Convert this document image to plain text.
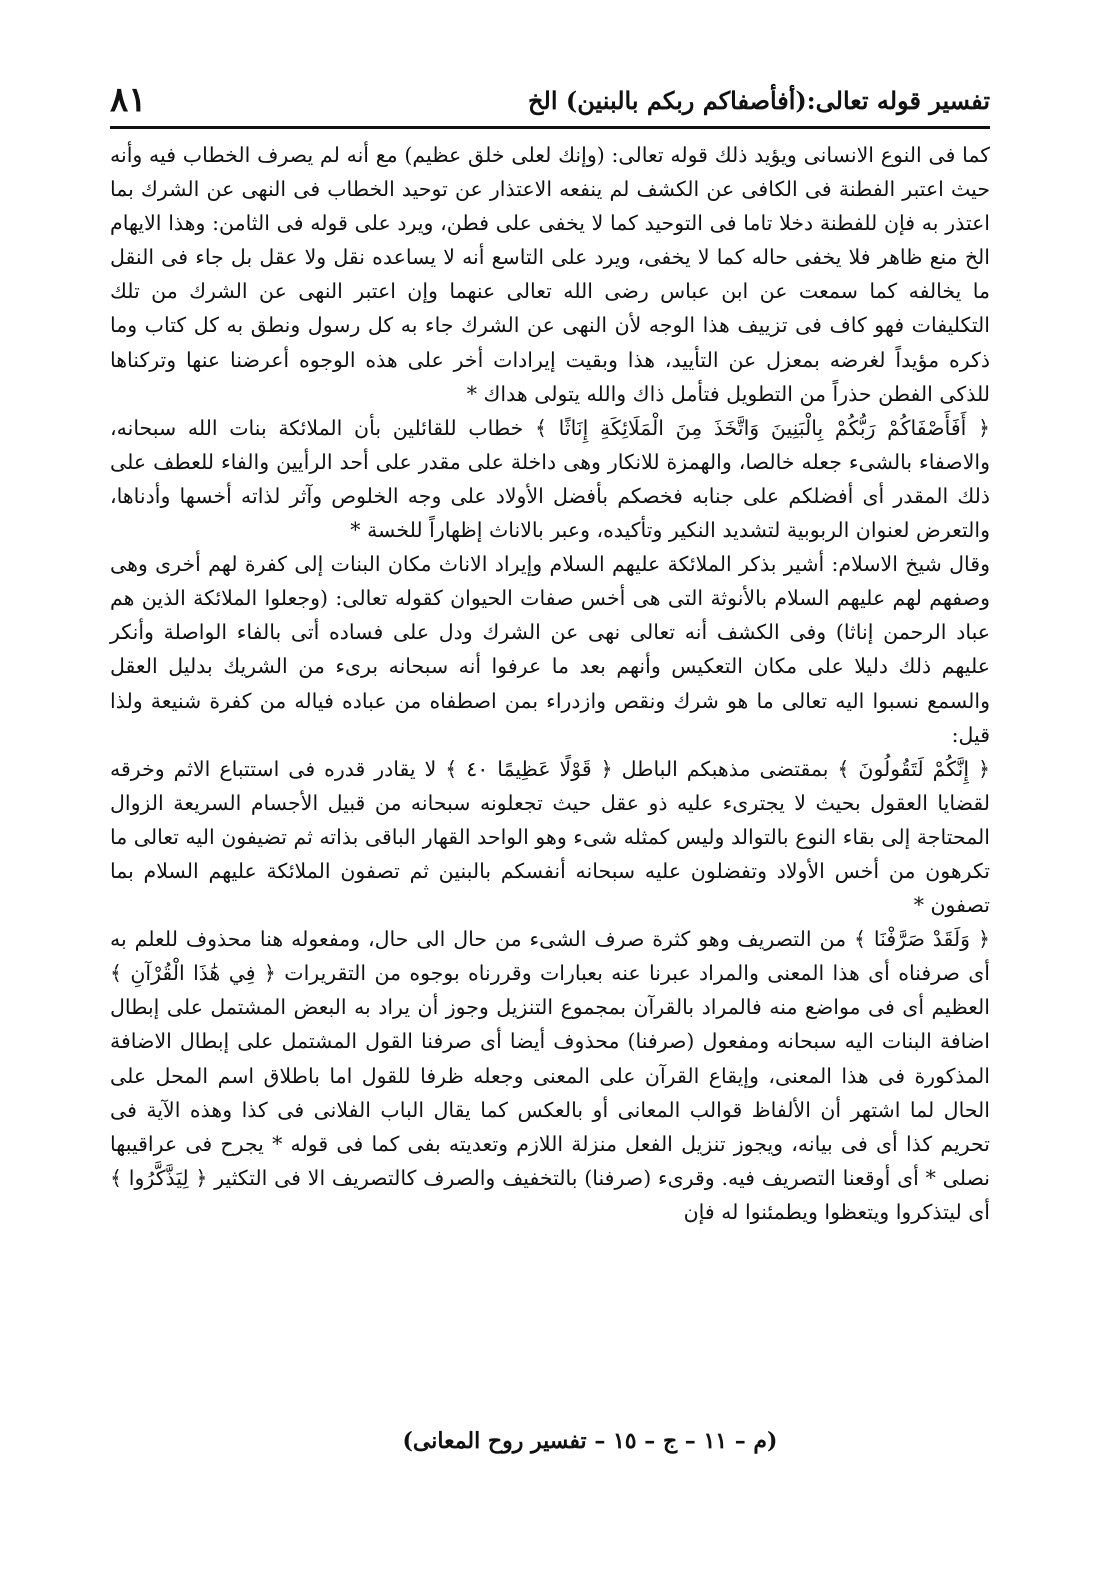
تفسير قوله تعالى:(أفأصفاكم ربكم بالبنين) الخ
٨١

كما فى النوع الانسانى ويؤيد ذلك قوله تعالى: (وإنك لعلى خلق عظيم) مع أنه لم يصرف الخطاب فيه وأنه حيث اعتبر الفطنة فى الكافى عن الكشف لم ينفعه الاعتذار عن توحيد الخطاب فى النهى عن الشرك بما اعتذر به فإن للفطنة دخلا تاما فى التوحيد كما لا يخفى على فطن، ويرد على قوله فى الثامن: وهذا الايهام الخ منع ظاهر فلا يخفى حاله كما لا يخفى، ويرد على التاسع أنه لا يساعده نقل ولا عقل بل جاء فى النقل ما يخالفه كما سمعت عن ابن عباس رضى الله تعالى عنهما وإن اعتبر النهى عن الشرك من تلك التكليفات فهو كاف فى تزييف هذا الوجه لأن النهى عن الشرك جاء به كل رسول ونطق به كل كتاب وما ذكره مؤيداً لغرضه بمعزل عن التأييد، هذا وبقيت إيرادات أخر على هذه الوجوه أعرضنا عنها وتركناها للذكى الفطن حذراً من التطويل فتأمل ذاك والله يتولى هداك *

﴿ أَفَأَصْفَاكُمْ رَبُّكُمْ بِالْبَنِينَ وَاتَّخَذَ مِنَ الْمَلَائِكَةِ إِنَاثًا ﴾ خطاب للقائلين بأن الملائكة بنات الله سبحانه، والاصفاء بالشىء جعله خالصا، والهمزة للانكار وهى داخلة على مقدر على أحد الرأيين والفاء للعطف على ذلك المقدر أى أفضلكم على جنابه فخصكم بأفضل الأولاد على وجه الخلوص وآثر لذاته أخسها وأدناها، والتعرض لعنوان الربوبية لتشديد النكير وتأكيده، وعبر بالاناث إظهاراً للخسة *

وقال شيخ الاسلام: أشير بذكر الملائكة عليهم السلام وإيراد الاناث مكان البنات إلى كفرة لهم أخرى وهى وصفهم لهم عليهم السلام بالأنوثة التى هى أخس صفات الحيوان كقوله تعالى: (وجعلوا الملائكة الذين هم عباد الرحمن إناثا) وفى الكشف أنه تعالى نهى عن الشرك ودل على فساده أتى بالفاء الواصلة وأنكر عليهم ذلك دليلا على مكان التعكيس وأنهم بعد ما عرفوا أنه سبحانه برىء من الشريك بدليل العقل والسمع نسبوا اليه تعالى ما هو شرك ونقص وازدراء بمن اصطفاه من عباده فياله من كفرة شنيعة ولذا قيل:

﴿ إِنَّكُمْ لَتَقُولُونَ ﴾ بمقتضى مذهبكم الباطل ﴿ قَوْلًا عَظِيمًا ٤٠ ﴾ لا يقادر قدره فى استتباع الاثم وخرقه لقضايا العقول بحيث لا يجترىء عليه ذو عقل حيث تجعلونه سبحانه من قبيل الأجسام السريعة الزوال المحتاجة إلى بقاء النوع بالتوالد وليس كمثله شىء وهو الواحد القهار الباقى بذاته ثم تضيفون اليه تعالى ما تكرهون من أخس الأولاد وتفضلون عليه سبحانه أنفسكم بالبنين ثم تصفون الملائكة عليهم السلام بما تصفون *

﴿ وَلَقَدْ صَرَّفْنَا ﴾ من التصريف وهو كثرة صرف الشىء من حال الى حال، ومفعوله هنا محذوف للعلم به أى صرفناه أى هذا المعنى والمراد عبرنا عنه بعبارات وقررناه بوجوه من التقريرات ﴿ فِي هَٰذَا الْقُرْآنِ ﴾ العظيم أى فى مواضع منه فالمراد بالقرآن بمجموع التنزيل وجوز أن يراد به البعض المشتمل على إبطال اضافة البنات اليه سبحانه ومفعول (صرفنا) محذوف أيضا أى صرفنا القول المشتمل على إبطال الاضافة المذكورة فى هذا المعنى، وإيقاع القرآن على المعنى وجعله ظرفا للقول اما باطلاق اسم المحل على الحال لما اشتهر أن الألفاظ قوالب المعانى أو بالعكس كما يقال الباب الفلانى فى كذا وهذه الآية فى تحريم كذا أى فى بيانه، ويجوز تنزيل الفعل منزلة اللازم وتعديته بفى كما فى قوله * يجرح فى عراقيبها نصلى * أى أوقعنا التصريف فيه. وقرىء (صرفنا) بالتخفيف والصرف كالتصريف الا فى التكثير ﴿ لِيَذَّكَّرُوا ﴾ أى ليتذكروا ويتعظوا ويطمئنوا له فإن

(م – ١١ – ج – ١٥ – تفسير روح المعانى)
